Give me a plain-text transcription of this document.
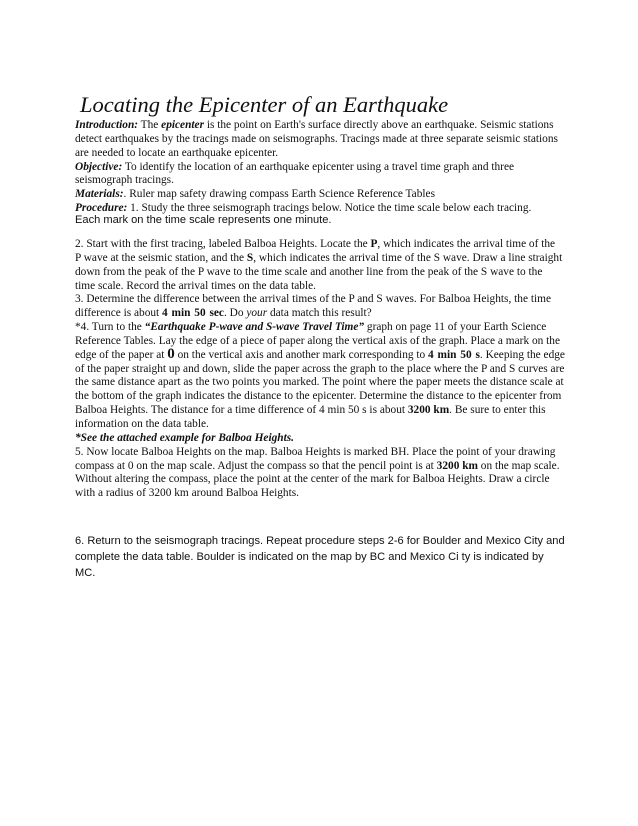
Locating the Epicenter of an Earthquake
Introduction: The epicenter is the point on Earth's surface directly above an earthquake. Seismic stations detect earthquakes by the tracings made on seismographs. Tracings made at three separate seismic stations are needed to locate an earthquake epicenter.
Objective: To identify the location of an earthquake epicenter using a travel time graph and three seismograph tracings.
Materials:. Ruler map safety drawing compass Earth Science Reference Tables
Procedure: 1. Study the three seismograph tracings below. Notice the time scale below each tracing.
Each mark on the time scale represents one minute.
2. Start with the first tracing, labeled Balboa Heights. Locate the P, which indicates the arrival time of the
P wave at the seismic station, and the S, which indicates the arrival time of the S wave. Draw a line straight down from the peak of the P wave to the time scale and another line from the peak of the S wave to the
time scale. Record the arrival times on the data table.
3. Determine the difference between the arrival times of the P and S waves. For Balboa Heights, the time difference is about 4 min 50 sec. Do your data match this result?
*4. Turn to the “Earthquake P-wave and S-wave Travel Time” graph on page 11 of your Earth Science Reference Tables. Lay the edge of a piece of paper along the vertical axis of the graph. Place a mark on the edge of the paper at 0 on the vertical axis and another mark corresponding to 4 min 50 s. Keeping the edge of the paper straight up and down, slide the paper across the graph to the place where the P and S curves are the same distance apart as the two points you marked. The point where the paper meets the distance scale at the bottom of the graph indicates the distance to the epicenter. Determine the distance to the epicenter from Balboa Heights. The distance for a time difference of 4 min 50 s is about 3200 km. Be sure to enter this information on the data table.
*See the attached example for Balboa Heights.
5. Now locate Balboa Heights on the map. Balboa Heights is marked BH. Place the point of your drawing compass at 0 on the map scale. Adjust the compass so that the pencil point is at 3200 km on the map scale. Without altering the compass, place the point at the center of the mark for Balboa Heights. Draw a circle with a radius of 3200 km around Balboa Heights.
6. Return to the seismograph tracings. Repeat procedure steps 2-6 for Boulder and Mexico City and complete the data table. Boulder is indicated on the map by BC and Mexico Ci ty is indicated by MC.
